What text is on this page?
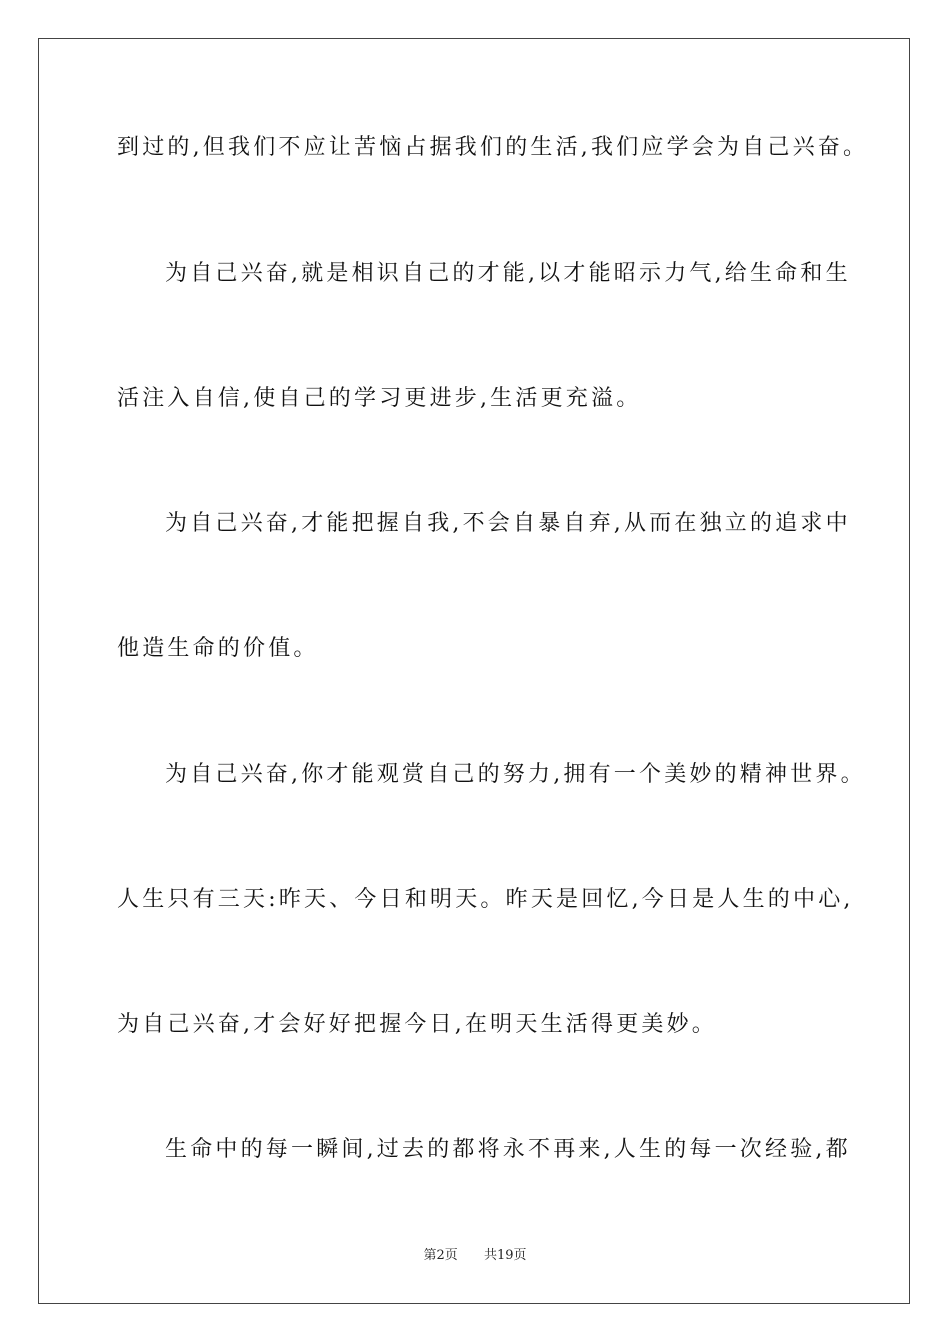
到过的,但我们不应让苦恼占据我们的生活,我们应学会为自己兴奋。
为自己兴奋,就是相识自己的才能,以才能昭示力气,给生命和生
活注入自信,使自己的学习更进步,生活更充溢。
为自己兴奋,才能把握自我,不会自暴自弃,从而在独立的追求中
他造生命的价值。
为自己兴奋,你才能观赏自己的努力,拥有一个美妙的精神世界。
人生只有三天:昨天、今日和明天。昨天是回忆,今日是人生的中心,
为自己兴奋,才会好好把握今日,在明天生活得更美妙。
生命中的每一瞬间,过去的都将永不再来,人生的每一次经验,都
第2页 共19页
